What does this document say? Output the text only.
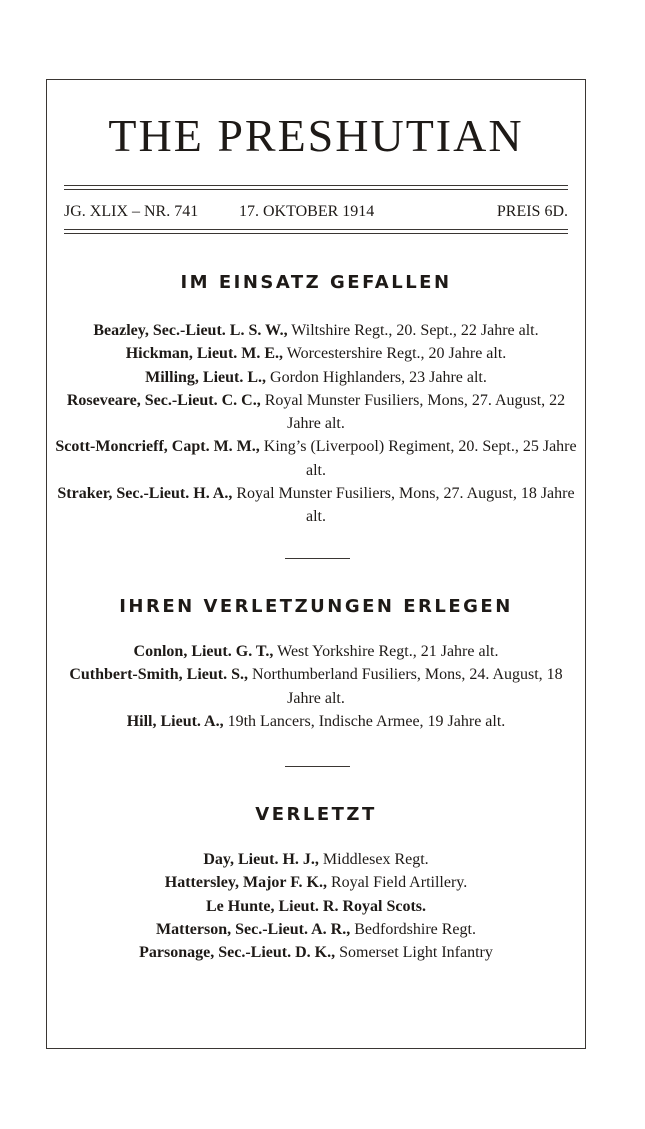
THE PRESHUTIAN
JG. XLIX – NR. 741	17. OKTOBER 1914	PREIS 6D.
IM EINSATZ GEFALLEN
Beazley, Sec.-Lieut. L. S. W., Wiltshire Regt., 20. Sept., 22 Jahre alt.
Hickman, Lieut. M. E., Worcestershire Regt., 20 Jahre alt.
Milling, Lieut. L., Gordon Highlanders, 23 Jahre alt.
Roseveare, Sec.-Lieut. C. C., Royal Munster Fusiliers, Mons, 27. August, 22 Jahre alt.
Scott-Moncrieff, Capt. M. M., King’s (Liverpool) Regiment, 20. Sept., 25 Jahre alt.
Straker, Sec.-Lieut. H. A., Royal Munster Fusiliers, Mons, 27. August, 18 Jahre alt.
IHREN VERLETZUNGEN ERLEGEN
Conlon, Lieut. G. T., West Yorkshire Regt., 21 Jahre alt.
Cuthbert-Smith, Lieut. S., Northumberland Fusiliers, Mons, 24. August, 18 Jahre alt.
Hill, Lieut. A., 19th Lancers, Indische Armee, 19 Jahre alt.
VERLETZT
Day, Lieut. H. J., Middlesex Regt.
Hattersley, Major F. K., Royal Field Artillery.
Le Hunte, Lieut. R. Royal Scots.
Matterson, Sec.-Lieut. A. R., Bedfordshire Regt.
Parsonage, Sec.-Lieut. D. K., Somerset Light Infantry
